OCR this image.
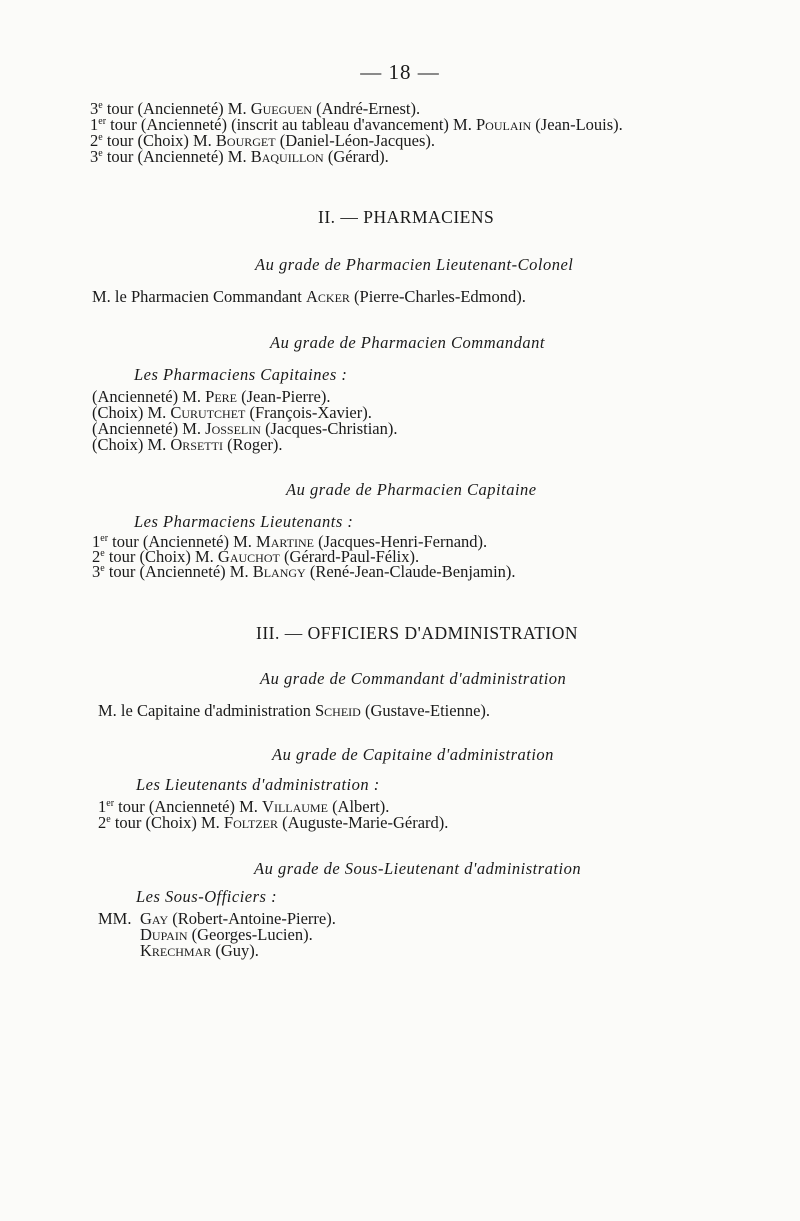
— 18 —
3e tour (Ancienneté) M. Gueguen (André-Ernest).
1er tour (Ancienneté) (inscrit au tableau d'avancement) M. Poulain (Jean-Louis).
2e tour (Choix) M. Bourget (Daniel-Léon-Jacques).
3e tour (Ancienneté) M. Baquillon (Gérard).
II. — PHARMACIENS
Au grade de Pharmacien Lieutenant-Colonel
M. le Pharmacien Commandant Acker (Pierre-Charles-Edmond).
Au grade de Pharmacien Commandant
Les Pharmaciens Capitaines :
(Ancienneté) M. Pere (Jean-Pierre).
(Choix) M. Curutchet (François-Xavier).
(Ancienneté) M. Josselin (Jacques-Christian).
(Choix) M. Orsetti (Roger).
Au grade de Pharmacien Capitaine
Les Pharmaciens Lieutenants :
1er tour (Ancienneté) M. Martine (Jacques-Henri-Fernand).
2e tour (Choix) M. Gauchot (Gérard-Paul-Félix).
3e tour (Ancienneté) M. Blangy (René-Jean-Claude-Benjamin).
III. — OFFICIERS D'ADMINISTRATION
Au grade de Commandant d'administration
M. le Capitaine d'administration Scheid (Gustave-Etienne).
Au grade de Capitaine d'administration
Les Lieutenants d'administration :
1er tour (Ancienneté) M. Villaume (Albert).
2e tour (Choix) M. Foltzer (Auguste-Marie-Gérard).
Au grade de Sous-Lieutenant d'administration
Les Sous-Officiers :
MM. Gay (Robert-Antoine-Pierre).
Dupain (Georges-Lucien).
Krechmar (Guy).
